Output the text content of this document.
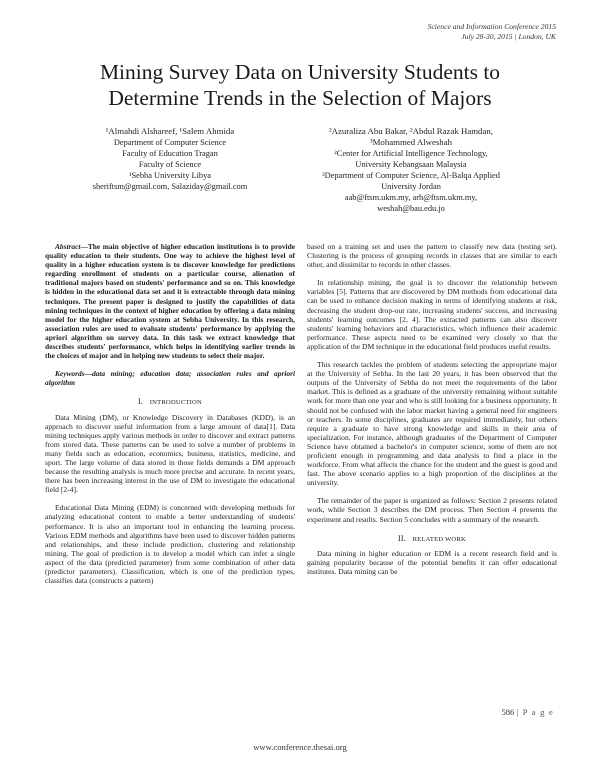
Science and Information Conference 2015
July 28-30, 2015 | London, UK
Mining Survey Data on University Students to
Determine Trends in the Selection of Majors
¹Almahdi Alshareef, ¹Salem Ahmida
Department of Computer Science
Faculty of Education Tragan
Faculty of Science
¹Sebha University Libya
sheriftsm@gmail.com, Salaziday@gmail.com
²Azuraliza Abu Bakar, ²Abdul Razak Hamdan,
³Mohammed Alweshah
²Center for Artificial Intelligence Technology,
University Kebangsaan Malaysia
³Department of Computer Science, Al-Balqa Applied
University Jordan
aab@ftsm.ukm.my, arh@ftsm.ukm.my,
weshah@bau.edu.jo

Abstract—The main objective of higher education institutions is to provide quality education to their students. One way to achieve the highest level of quality in a higher education system is to discover knowledge for predictions regarding enrollment of students on a particular course, alienation of traditional majors based on students' performance and so on. This knowledge is hidden in the educational data set and it is extractable through data mining techniques. The present paper is designed to justify the capabilities of data mining techniques in the context of higher education by offering a data mining model for the higher education system at Sebha University. In this research, association rules are used to evaluate students' performance by applying the apriori algorithm on survey data. In this task we extract knowledge that describes students' performance, which helps in identifying earlier trends in the choices of major and in helping new students to select their major.

Keywords—data mining; education data; association rules and apriori algorithm

I. INTRODUCTION

Data Mining (DM), or Knowledge Discovery in Databases (KDD), is an approach to discover useful information from a large amount of data[1]. Data mining techniques apply various methods in order to discover and extract patterns from stored data. These patterns can be used to solve a number of problems in many fields such as education, economics, business, statistics, medicine, and sport. The large volume of data stored in those fields demands a DM approach because the resulting analysis is much more precise and accurate. In recent years, there has been increasing interest in the use of DM to investigate the educational field [2-4].

Educational Data Mining (EDM) is concerned with developing methods for analyzing educational content to enable a better understanding of students' performance. It is also an important tool in enhancing the learning process. Various EDM methods and algorithms have been used to discover hidden patterns and relationships, and these include prediction, clustering and relationship mining. The goal of prediction is to develop a model which can infer a single aspect of the data (predicted parameter) from some combination of other data (predictor parameters). Classification, which is one of the prediction types, classifies data (constructs a pattern)

based on a training set and uses the pattern to classify new data (testing set). Clustering is the process of grouping records in classes that are similar to each other, and dissimilar to records in other classes.

In relationship mining, the goal is to discover the relationship between variables [5]. Patterns that are discovered by DM methods from educational data can be used to enhance decision making in terms of identifying students at risk, decreasing the student drop-out rate, increasing students' success, and increasing students' learning outcomes [2, 4]. The extracted patterns can also discover students' learning behaviors and characteristics, which influence their academic performance. These aspects need to be examined very closely so that the application of the DM technique in the educational field produces useful results.

This research tackles the problem of students selecting the appropriate major at the University of Sebha. In the last 20 years, it has been observed that the outputs of the University of Sebha do not meet the requirements of the labor market. This is defined as a graduate of the university remaining without suitable work for more than one year and who is still looking for a business opportunity. It should not be confused with the labor market having a general need for engineers or teachers. In some disciplines, graduates are required immediately, but others require a graduate to have strong knowledge and skills in their area of specialization. For instance, although graduates of the Department of Computer Science have obtained a bachelor's in computer science, some of them are not proficient enough in programming and data analysis to find a place in the workforce. From what affects the chance for the student and the guest is good and fast. The above scenario applies to a high proportion of the disciplines at the university.

The remainder of the paper is organized as follows: Section 2 presents related work, while Section 3 describes the DM process. Then Section 4 presents the experiment and results. Section 5 concludes with a summary of the research.

II. RELATED WORK

Data mining in higher education or EDM is a recent research field and is gaining popularity because of the potential benefits it can offer educational institutes. Data mining can be

586 | P a g e
www.conference.thesai.org
